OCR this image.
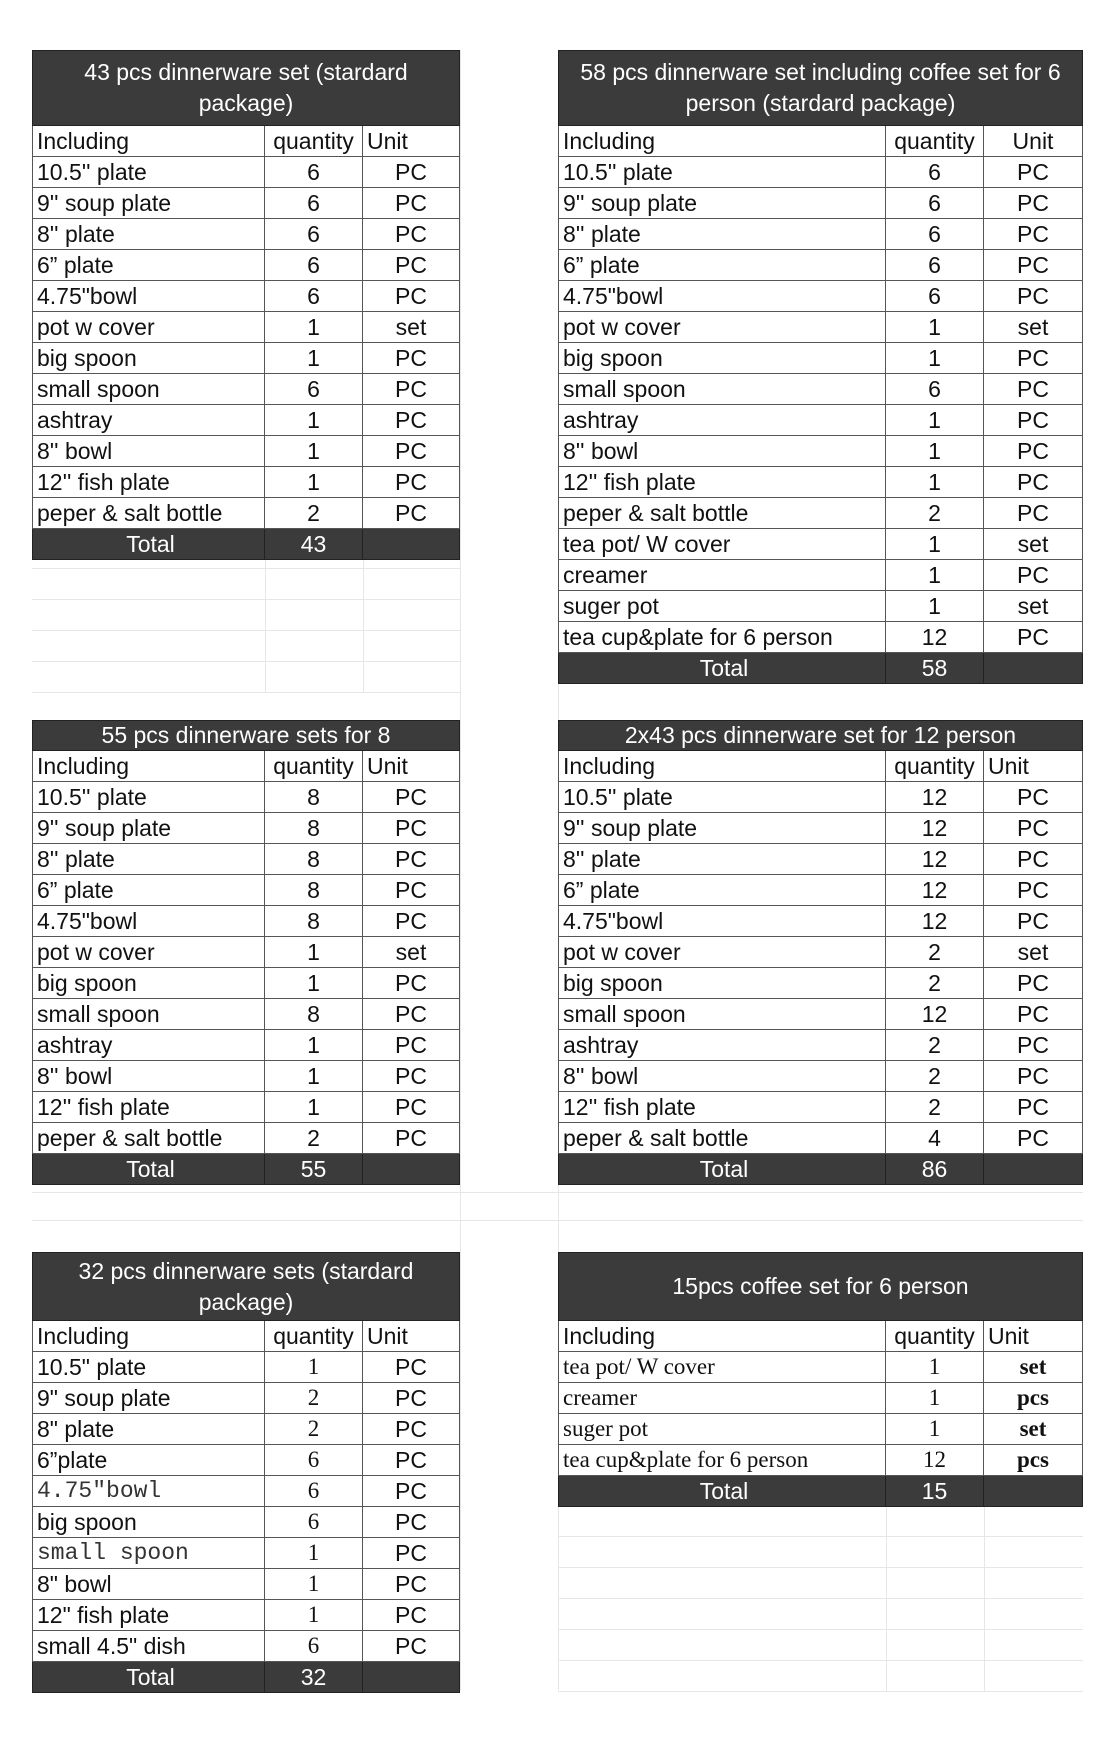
43 pcs dinnerware set (stardard package)
Including	quantity Unit
10.5'' plate	6	PC
9'' soup plate	6	PC
8'' plate	6	PC
6” plate	6	PC
4.75"bowl	6	PC
pot w cover	1	set
big spoon	1	PC
small spoon	6	PC
ashtray	1	PC
8'' bowl	1	PC
12'' fish plate	1	PC
peper & salt bottle	2	PC
Total	43
58 pcs dinnerware set including coffee set for 6 person (stardard package)
Including	quantity	Unit
10.5'' plate	6	PC
9'' soup plate	6	PC
8'' plate	6	PC
6” plate	6	PC
4.75"bowl	6	PC
pot w cover	1	set
big spoon	1	PC
small spoon	6	PC
ashtray	1	PC
8'' bowl	1	PC
12'' fish plate	1	PC
peper & salt bottle	2	PC
tea pot/ W cover	1	set
creamer	1	PC
suger pot	1	set
tea cup&plate for 6 person	12	PC
Total	58
55 pcs dinnerware sets for 8
Including	quantity Unit
10.5'' plate	8	PC
9'' soup plate	8	PC
8'' plate	8	PC
6” plate	8	PC
4.75"bowl	8	PC
pot w cover	1	set
big spoon	1	PC
small spoon	8	PC
ashtray	1	PC
8'' bowl	1	PC
12'' fish plate	1	PC
peper & salt bottle	2	PC
Total	55
2x43 pcs dinnerware set for 12 person
Including	quantity Unit
10.5'' plate	12	PC
9'' soup plate	12	PC
8'' plate	12	PC
6” plate	12	PC
4.75"bowl	12	PC
pot w cover	2	set
big spoon	2	PC
small spoon	12	PC
ashtray	2	PC
8'' bowl	2	PC
12'' fish plate	2	PC
peper & salt bottle	4	PC
Total	86
32 pcs dinnerware sets (stardard package)
Including	quantity Unit
10.5" plate	1	PC
9" soup plate	2	PC
8" plate	2	PC
6”plate	6	PC
4.75″bowl	6	PC
big spoon	6	PC
small spoon	1	PC
8" bowl	1	PC
12" fish plate	1	PC
small 4.5" dish	6	PC
Total	32
15pcs coffee set for 6 person
Including	quantity Unit
tea pot/ W cover	1	set
creamer	1	pcs
suger pot	1	set
tea cup&plate for 6 person	12	pcs
Total	15
